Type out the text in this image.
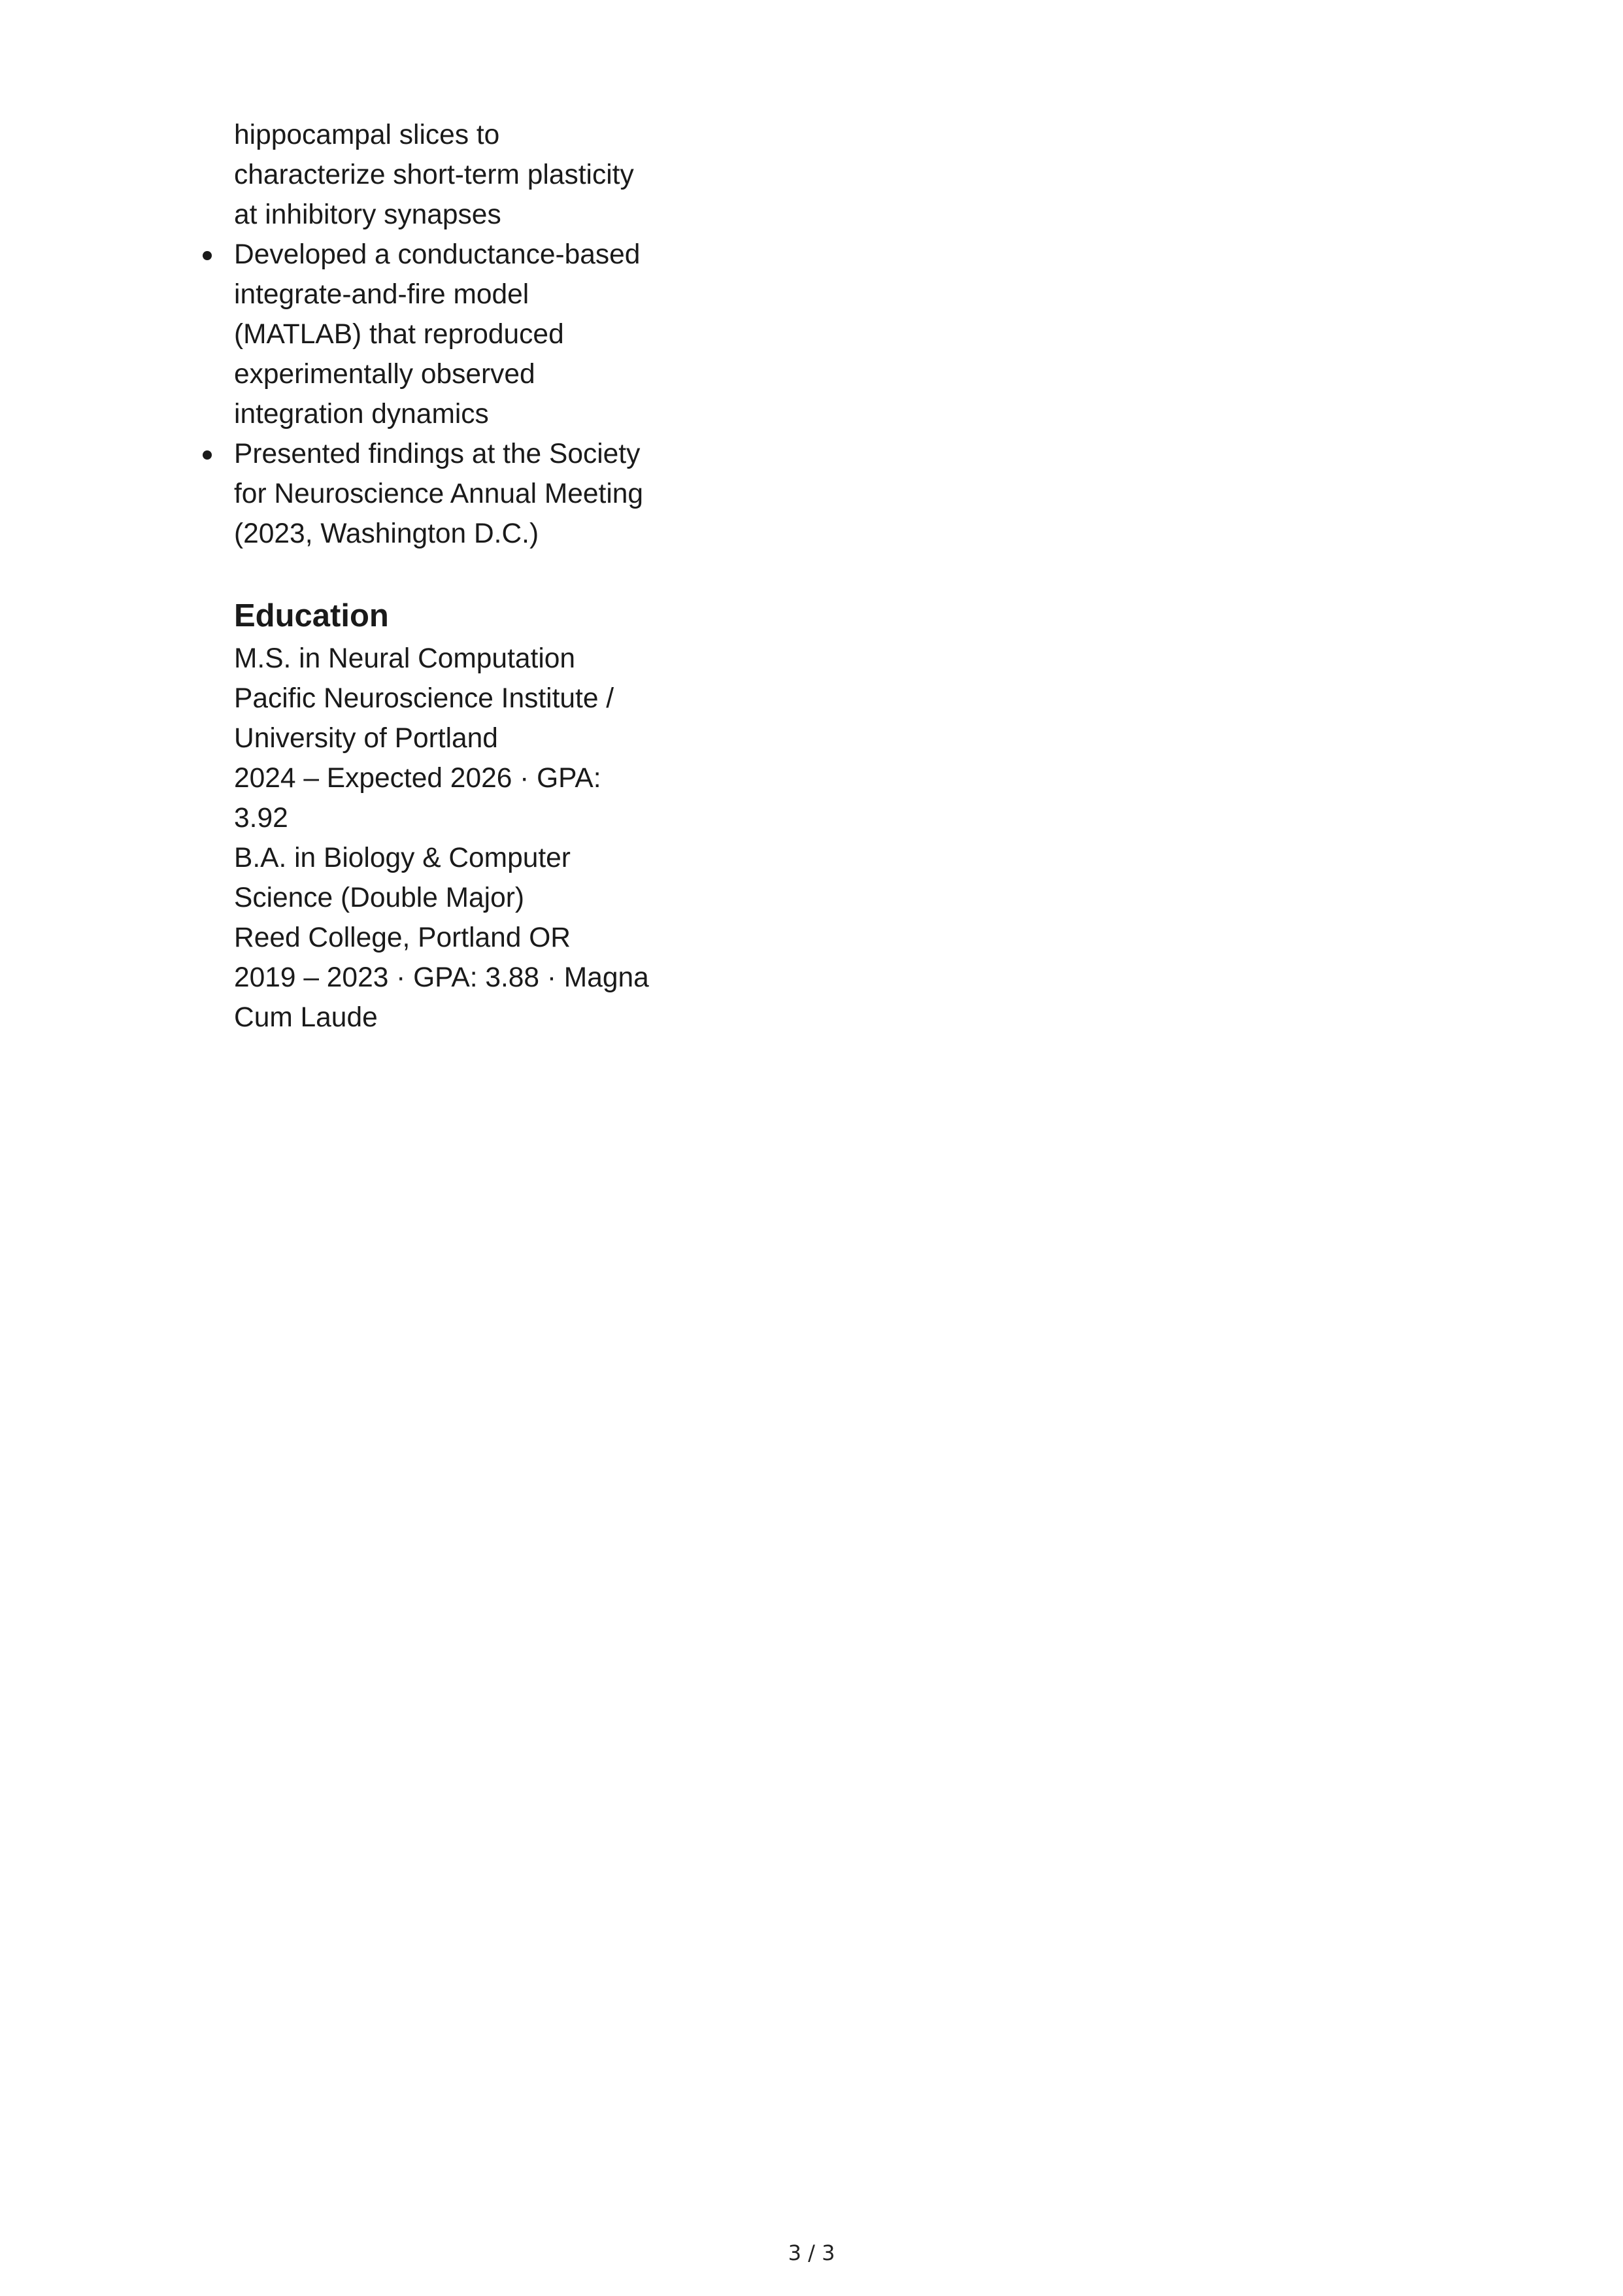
hippocampal slices to characterize short-term plasticity at inhibitory synapses

Developed a conductance-based integrate-and-fire model (MATLAB) that reproduced experimentally observed integration dynamics
Presented findings at the Society for Neuroscience Annual Meeting (2023, Washington D.C.)
Education

M.S. in Neural Computation

Pacific Neuroscience Institute / University of Portland

2024 – Expected 2026 · GPA: 3.92

B.A. in Biology & Computer Science (Double Major)

Reed College, Portland OR

2019 – 2023 · GPA: 3.88 · Magna Cum Laude

3 / 3
